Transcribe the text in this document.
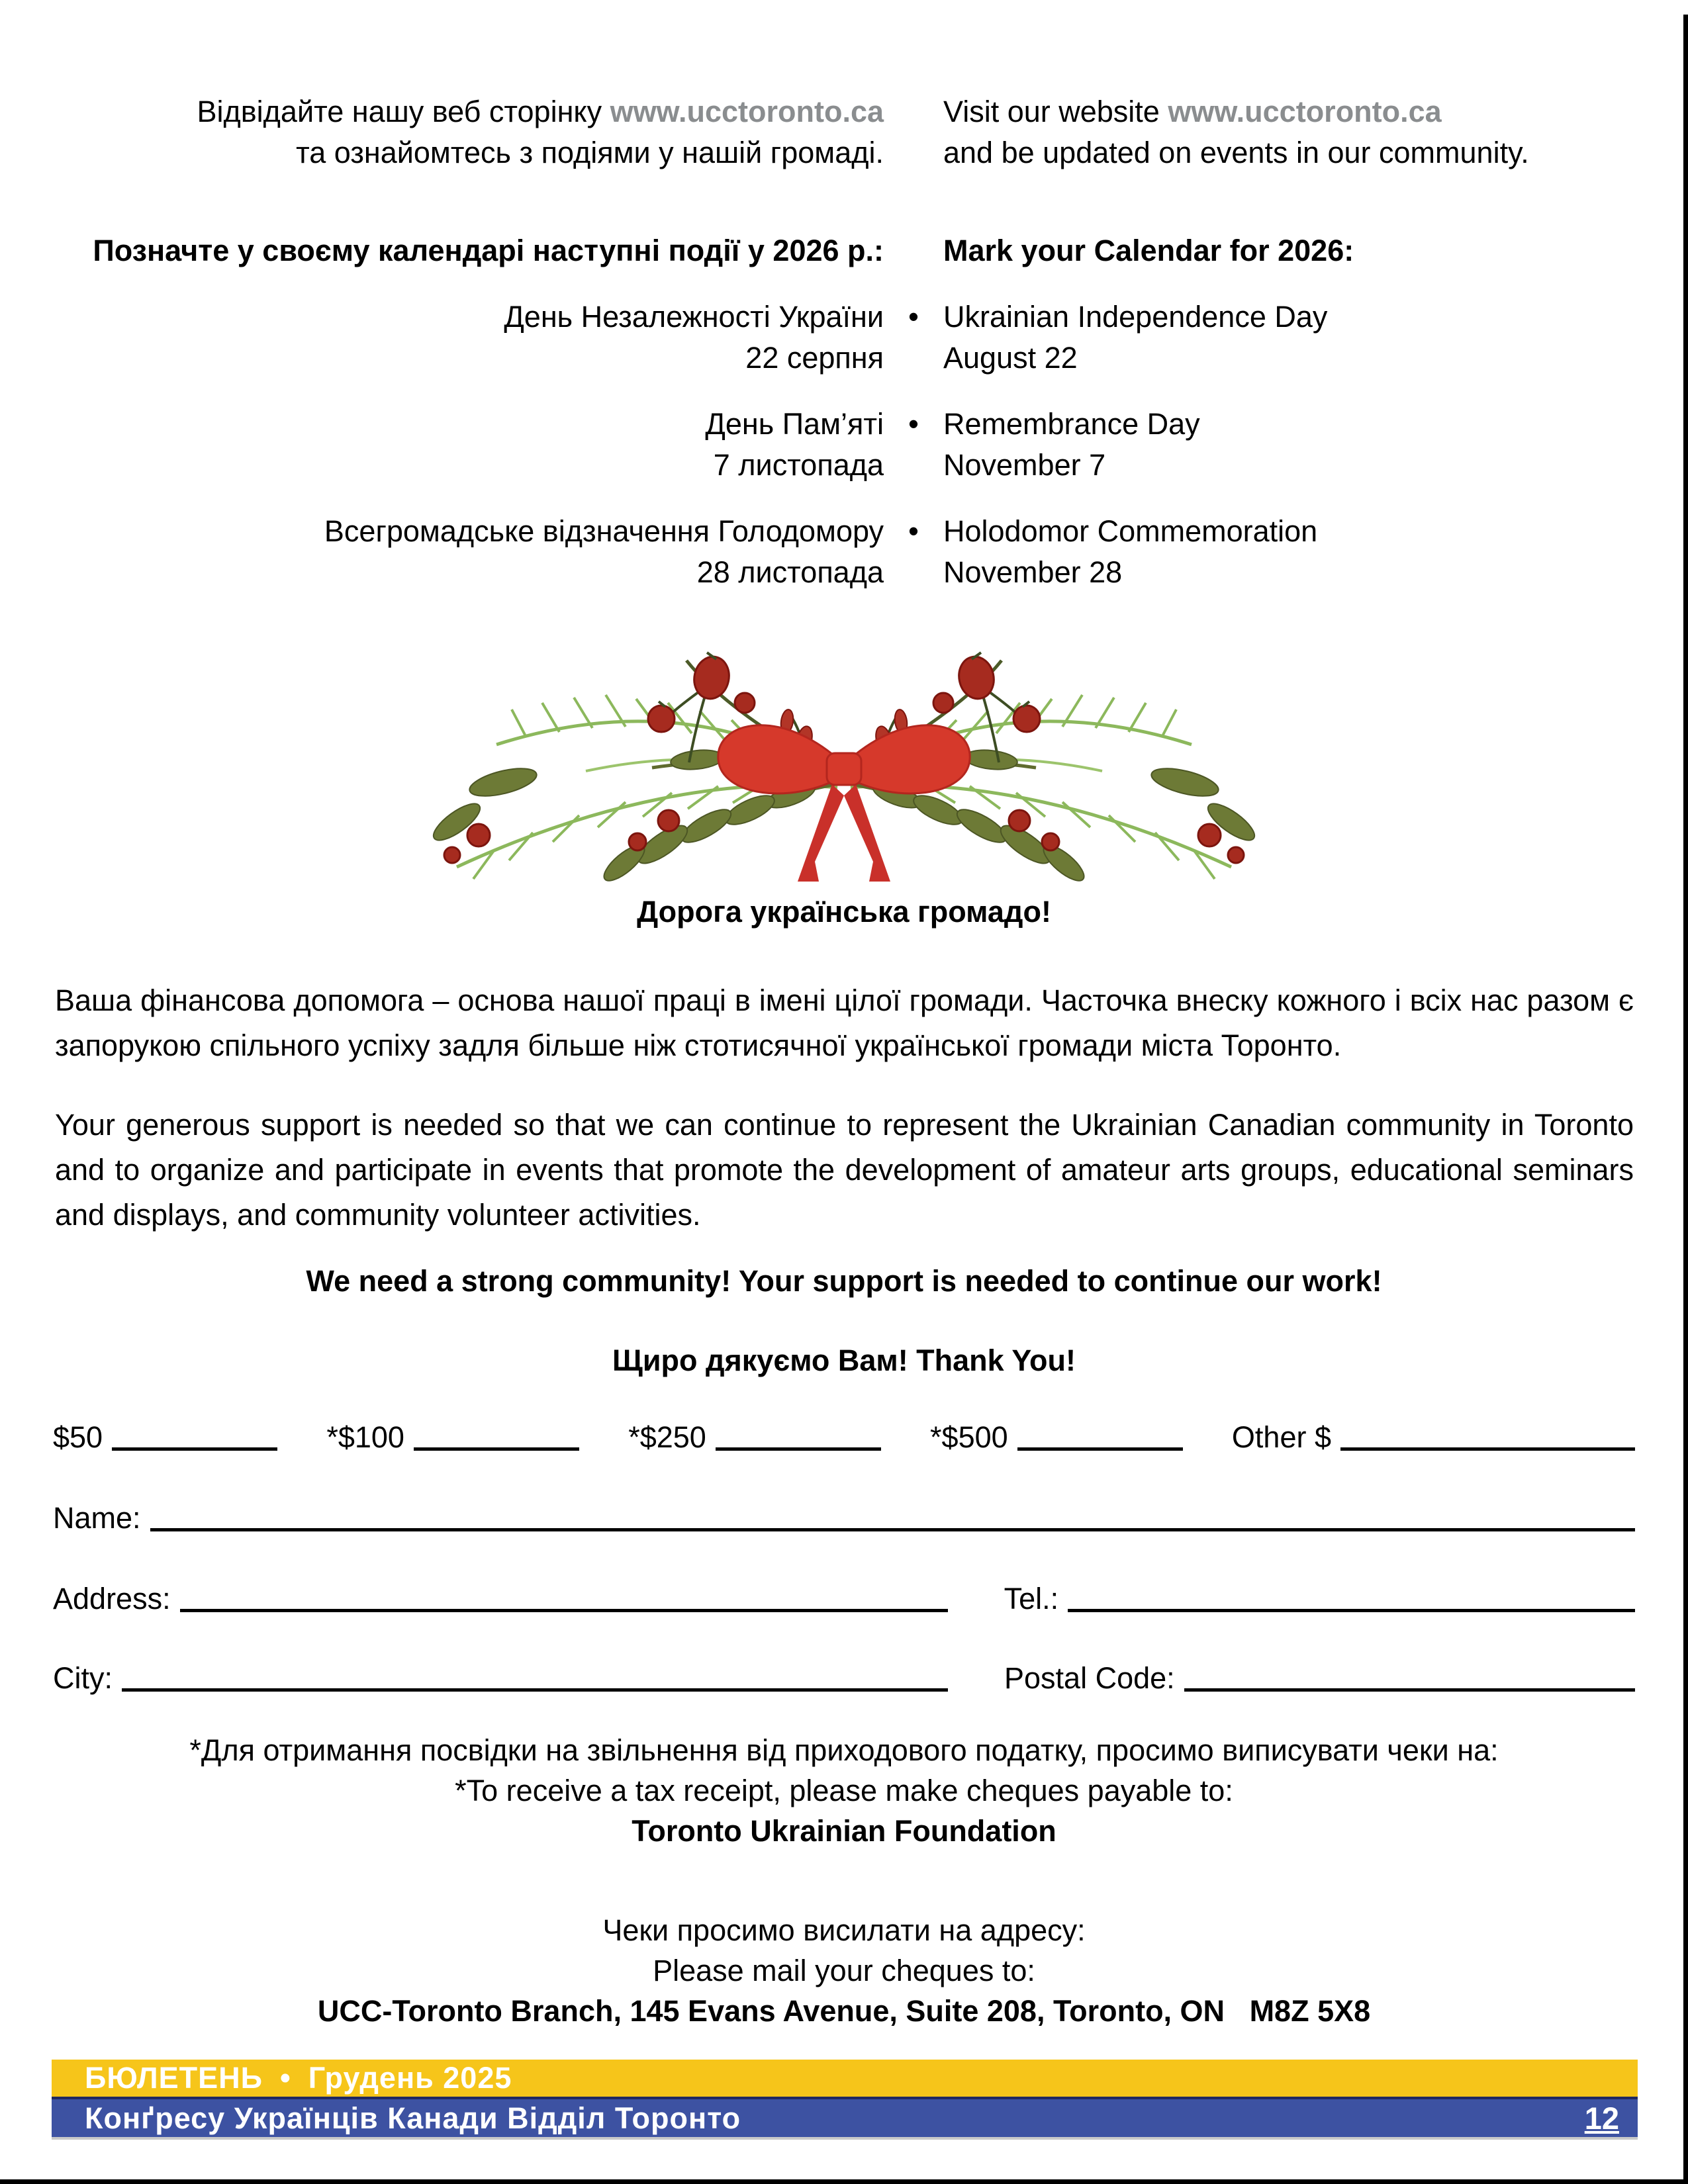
Відвідайте нашу веб сторінку www.ucctoronto.ca
та ознайомтесь з подіями у нашій громаді.
Visit our website www.ucctoronto.ca
and be updated on events in our community.
Позначте у своєму календарі наступні події у 2026 р.: Mark your Calendar for 2026:
День Незалежності України
22 серпня
• Ukrainian Independence Day
August 22
День Пам’яті
7 листопада
• Remembrance Day
November 7
Всегромадське відзначення Голодомору
28 листопада
• Holodomor Commemoration
November 28
Дорога українська громадо!
Ваша фінансова допомога – основа нашої праці в імені цілої громади. Часточка внеску кожного і всіх нас разом є запорукою спільного успіху задля більше ніж стотисячної української громади міста Торонто.
Your generous support is needed so that we can continue to represent the Ukrainian Canadian community in Toronto and to organize and participate in events that promote the development of amateur arts groups, educational seminars and displays, and community volunteer activities.
We need a strong community! Your support is needed to continue our work!
Щиро дякуємо Вам! Thank You!
$50	*$100	*$250	*$500	Other $
Name:
Address:	Tel.:
City:	Postal Code:
*Для отримання посвідки на звільнення від приходового податку, просимо виписувати чеки на:
*To receive a tax receipt, please make cheques payable to:
Toronto Ukrainian Foundation
Чеки просимо висилати на адресу:
Please mail your cheques to:
UCC-Toronto Branch, 145 Evans Avenue, Suite 208, Toronto, ON   M8Z 5X8
БЮЛЕТЕНЬ • Грудень 2025
Конґресу Українців Канади Відділ Торонто	12
